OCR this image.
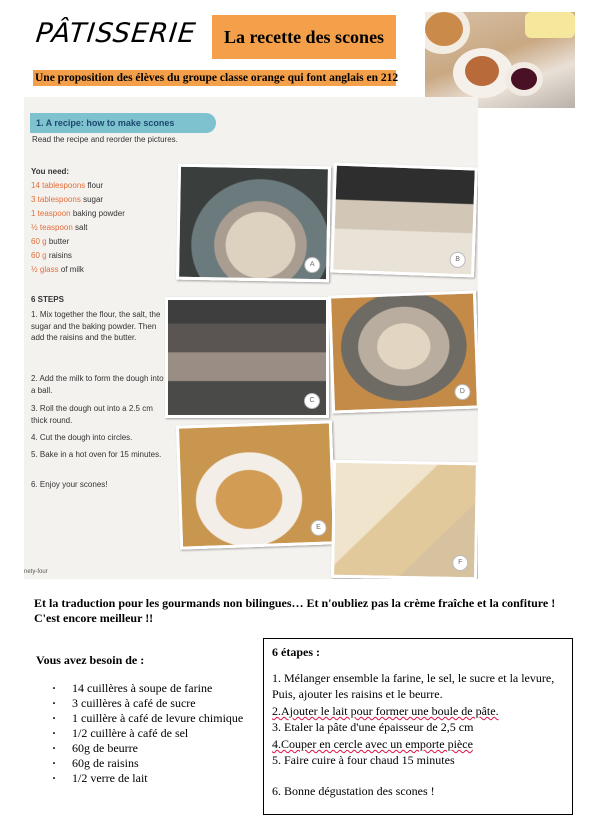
PÂTISSERIE	La recette des scones
Une proposition des élèves du groupe classe orange qui font anglais en 212
1. A recipe: how to make scones
Read the recipe and reorder the pictures.
You need:
14 tablespoons flour
3 tablespoons sugar
1 teaspoon baking powder
½ teaspoon salt
60 g butter
60 g raisins
½ glass of milk
6 STEPS
1. Mix together the flour, the salt, the sugar and the baking powder. Then add the raisins and the butter.
2. Add the milk to form the dough into a ball.
3. Roll the dough out into a 2.5 cm thick round.
4. Cut the dough into circles.
5. Bake in a hot oven for 15 minutes.
6. Enjoy your scones!
A
B
C
D
E
F
nety-four
Et la traduction pour les gourmands non bilingues… Et n'oubliez pas la crème fraîche et la confiture ! C'est encore meilleur !!
Vous avez besoin de :
· 14 cuillères à soupe de farine
· 3 cuillères à café de sucre
· 1 cuillère à café de levure chimique
· 1/2 cuillère à café de sel
· 60g de beurre
· 60g de raisins
· 1/2 verre de lait
6 étapes :
1. Mélanger ensemble la farine, le sel, le sucre et la levure,
Puis, ajouter les raisins et le beurre.
2.Ajouter le lait pour former une boule de pâte.
3. Etaler la pâte d'une épaisseur de 2,5 cm
4.Couper en cercle avec un emporte pièce
5. Faire cuire à four chaud 15 minutes
6. Bonne dégustation des scones !
